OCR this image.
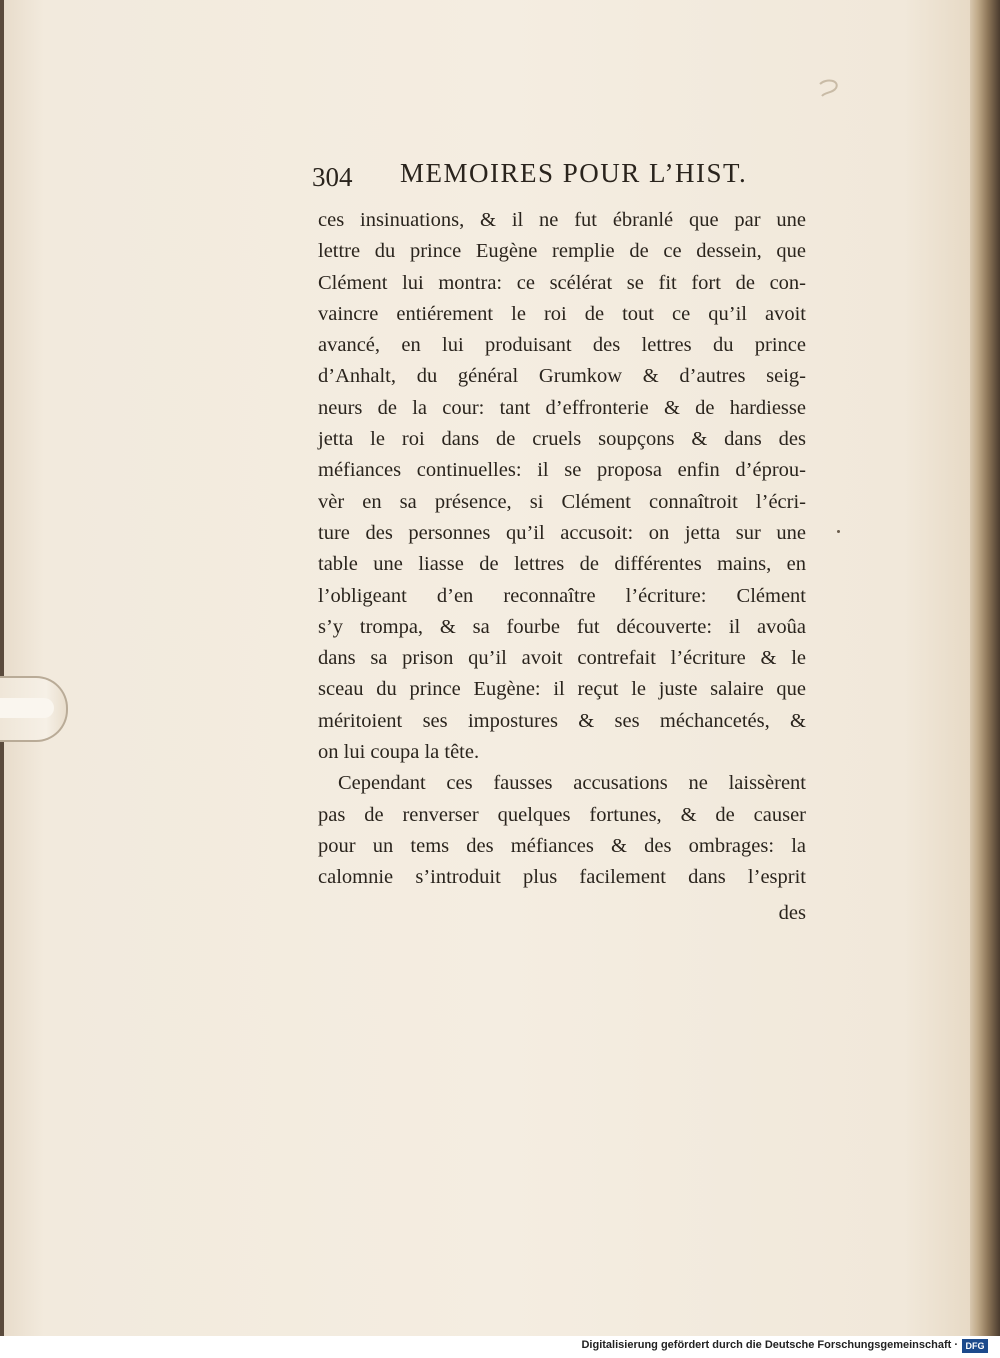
304 MEMOIRES POUR L’HIST.
ces insinuations, & il ne fut ébranlé que par une
lettre du prince Eugène remplie de ce dessein, que
Clément lui montra: ce scélérat se fit fort de con-
vaincre entiérement le roi de tout ce qu’il avoit
avancé, en lui produisant des lettres du prince
d’Anhalt, du général Grumkow & d’autres seig-
neurs de la cour: tant d’effronterie & de hardiesse
jetta le roi dans de cruels soupçons & dans des
méfiances continuelles: il se proposa enfin d’éprou-
vèr en sa présence, si Clément connaîtroit l’écri-
ture des personnes qu’il accusoit: on jetta sur une
table une liasse de lettres de différentes mains, en
l’obligeant d’en reconnaître l’écriture: Clément
s’y trompa, & sa fourbe fut découverte: il avoûa
dans sa prison qu’il avoit contrefait l’écriture & le
sceau du prince Eugène: il reçut le juste salaire que
méritoient ses impostures & ses méchancetés, &
on lui coupa la tête.
Cependant ces fausses accusations ne laissèrent
pas de renverser quelques fortunes, & de causer
pour un tems des méfiances & des ombrages: la
calomnie s’introduit plus facilement dans l’esprit
des
Digitalisierung gefördert durch die Deutsche Forschungsgemeinschaft · DFG
